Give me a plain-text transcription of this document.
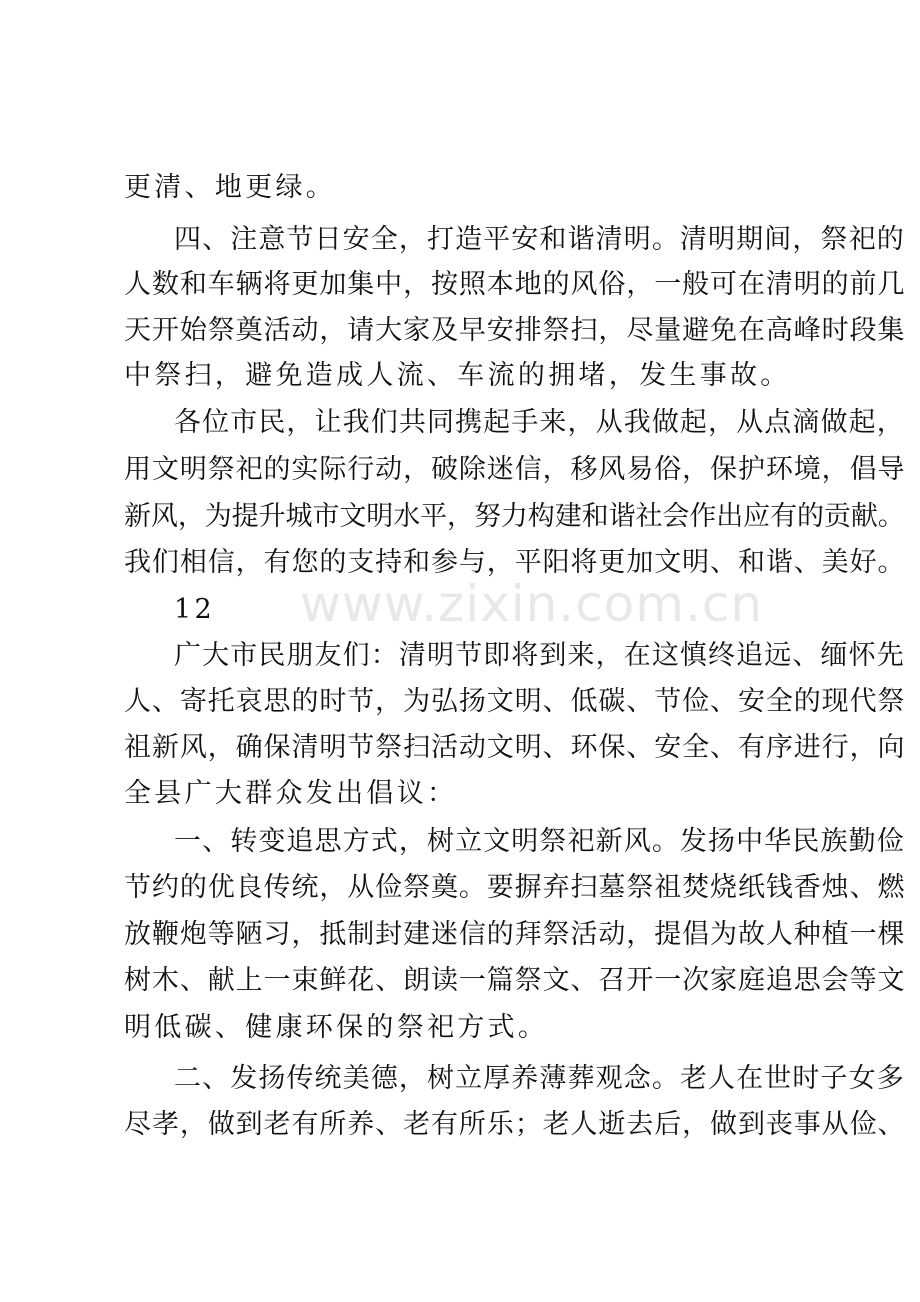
更清、地更绿。
四、注意节日安全，打造平安和谐清明。清明期间，祭祀的
人数和车辆将更加集中，按照本地的风俗，一般可在清明的前几
天开始祭奠活动，请大家及早安排祭扫，尽量避免在高峰时段集
中祭扫，避免造成人流、车流的拥堵，发生事故。
各位市民，让我们共同携起手来，从我做起，从点滴做起，
用文明祭祀的实际行动，破除迷信，移风易俗，保护环境，倡导
新风，为提升城市文明水平，努力构建和谐社会作出应有的贡献。
我们相信，有您的支持和参与，平阳将更加文明、和谐、美好。
12
广大市民朋友们：清明节即将到来，在这慎终追远、缅怀先
人、寄托哀思的时节，为弘扬文明、低碳、节俭、安全的现代祭
祖新风，确保清明节祭扫活动文明、环保、安全、有序进行，向
全县广大群众发出倡议：
一、转变追思方式，树立文明祭祀新风。发扬中华民族勤俭
节约的优良传统，从俭祭奠。要摒弃扫墓祭祖焚烧纸钱香烛、燃
放鞭炮等陋习，抵制封建迷信的拜祭活动，提倡为故人种植一棵
树木、献上一束鲜花、朗读一篇祭文、召开一次家庭追思会等文
明低碳、健康环保的祭祀方式。
二、发扬传统美德，树立厚养薄葬观念。老人在世时子女多
尽孝，做到老有所养、老有所乐；老人逝去后，做到丧事从俭、
www.zixin.com.cn
